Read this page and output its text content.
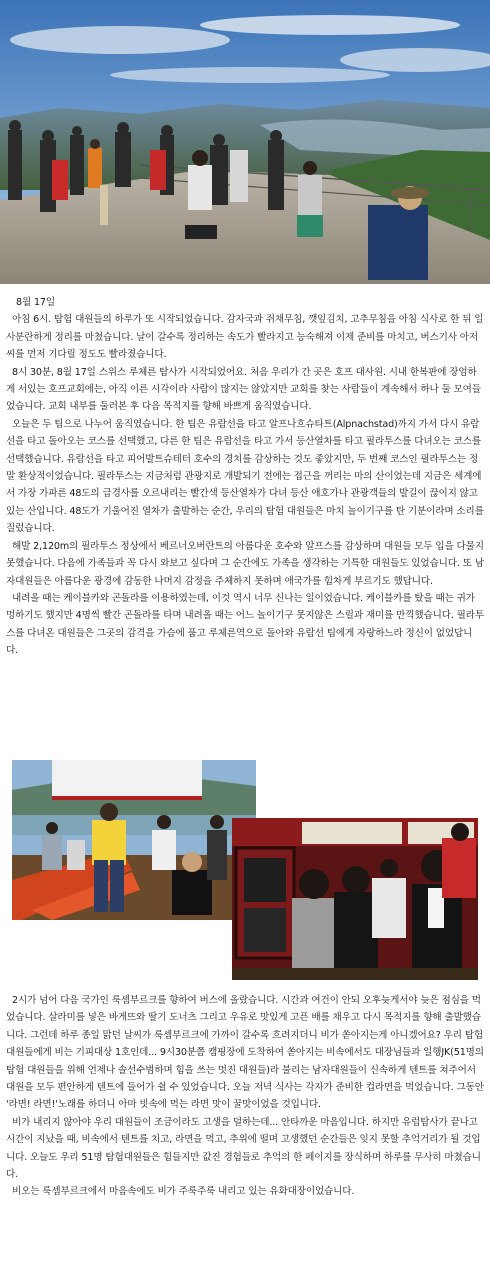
8월 17일

아침 6시. 탐험 대원들의 하루가 또 시작되었습니다. 감자국과 쥐채무침, 깻잎김치, 고추무침을 아침 식사로 한 뒤 일사분란하게 정리를 마쳤습니다. 날이 갈수록 정리하는 속도가 빨라지고 능숙해져 이제 준비를 마치고, 버스기사 아저씨를 먼저 기다릴 정도도 빨라졌습니다.

8시 30분, 8월 17일 스위스 루체른 탐사가 시작되었어요. 처음 우리가 간 곳은 호프 대사원. 시내 한복판에 장엄하게 서있는 호프교회에는, 아직 이른 시각이라 사람이 많지는 않았지만 교회를 찾는 사람들이 계속해서 하나 둘 모여들었습니다. 교회 내부를 둘러본 후 다음 목적지를 향해 바쁘게 움직였습니다.

오늘은 두 팀으로 나누어 움직였습니다. 한 팀은 유람선을 타고 알프나흐슈타트(Alpnachstad)까지 가서 다시 유람선을 타고 돌아오는 코스를 선택했고, 다른 한 팀은 유람선을 타고 가서 등산열차를 타고 필라투스를 다녀오는 코스를 선택했습니다. 유람선을 타고 피어발트슈테터 호수의 경치를 감상하는 것도 좋았지만, 두 번째 코스인 필라투스는 정말 환상적이었습니다. 필라투스는 지금처럼 관광지로 개발되기 전에는 접근을 꺼리는 마의 산이었는데 지금은 세계에서 가장 가파른 48도의 급경사를 오르내리는 빨간색 등산열차가 다녀 등산 애호가나 관광객들의 발길이 끊이지 않고 있는 산입니다. 48도가 기울어진 열차가 출발하는 순간, 우리의 탐험 대원들은 마치 놀이기구를 탄 기분이라며 소리를 질렀습니다.

해발 2,120m의 필라투스 정상에서 베르너오버란트의 아름다운 호수와 알프스를 감상하며 대원들 모두 입을 다물지 못했습니다. 다음에 가족들과 꼭 다시 와보고 싶다며 그 순간에도 가족을 생각하는 기특한 대원들도 있었습니다. 또 남자대원들은 아름다운 광경에 감동한 나머지 감정을 주체하지 못하며 애국가를 힘차게 부르기도 했답니다.

내려올 때는 케이블카와 곤돌라를 이용하였는데, 이것 역시 너무 신나는 일이었습니다. 케이블카를 탔을 때는 귀가 멍하기도 했지만 4명씩 빨간 곤돌라를 타며 내려올 때는 어느 놀이기구 못지않은 스릴과 재미를 만끽했습니다. 필라투스를 다녀온 대원들은 그곳의 감격을 가슴에 품고 루체른역으로 돌아와 유람선 팀에게 자랑하느라 정신이 없었답니다.

2시가 넘어 다음 국가인 룩셈부르크를 향하여 버스에 올랐습니다. 시간과 여건이 안되 오후늦게서야 늦은 점심을 먹었습니다. 살라미를 넣은 바게뜨와 딸기 도너츠 그리고 우유로 맛있게 고픈 배를 채우고 다시 목적지를 향해 출발했습니다. 그런데 하루 종일 맑던 날씨가 룩셈부르크에 가까이 갈수록 흐려지더니 비가 쏟아지는게 아니겠어요? 우리 탐험 대원들에게 비는 기피대상 1호인데... 9시30분쯤 캠핑장에 도착하여 쏟아지는 비속에서도 대장님들과 일행JK(51명의 탐험 대원들을 위해 언제나 솔선수범하며 힘을 쓰는 멋진 대원들)라 불리는 남자대원들이 신속하게 텐트를 쳐주어서 대원을 모두 편안하게 텐트에 들어가 쉴 수 있었습니다. 오늘 저녁 식사는 각자가 준비한 컵라면을 먹었습니다. 그동안 '라면! 라면!'노래를 하더니 아마 빗속에 먹는 라면 맛이 꿀맛이었을 것입니다.

비가 내리지 않아야 우리 대원들이 조금이라도 고생을 덜하는데... 안타까운 마음입니다. 하지만 유럽탐사가 끝나고 시간이 지났을 때, 비속에서 텐트를 치고, 라면을 먹고, 추위에 떨며 고생했던 순간들은 잊지 못할 추억거리가 될 것입니다. 오늘도 우리 51명 탐험대원들은 힘들지만 값진 경험들로 추억의 한 페이지를 장식하며 하루를 무사히 마쳤습니다.

비오는 룩셈부르크에서 마음속에도 비가 주룩주룩 내리고 있는 유화대장이었습니다.
